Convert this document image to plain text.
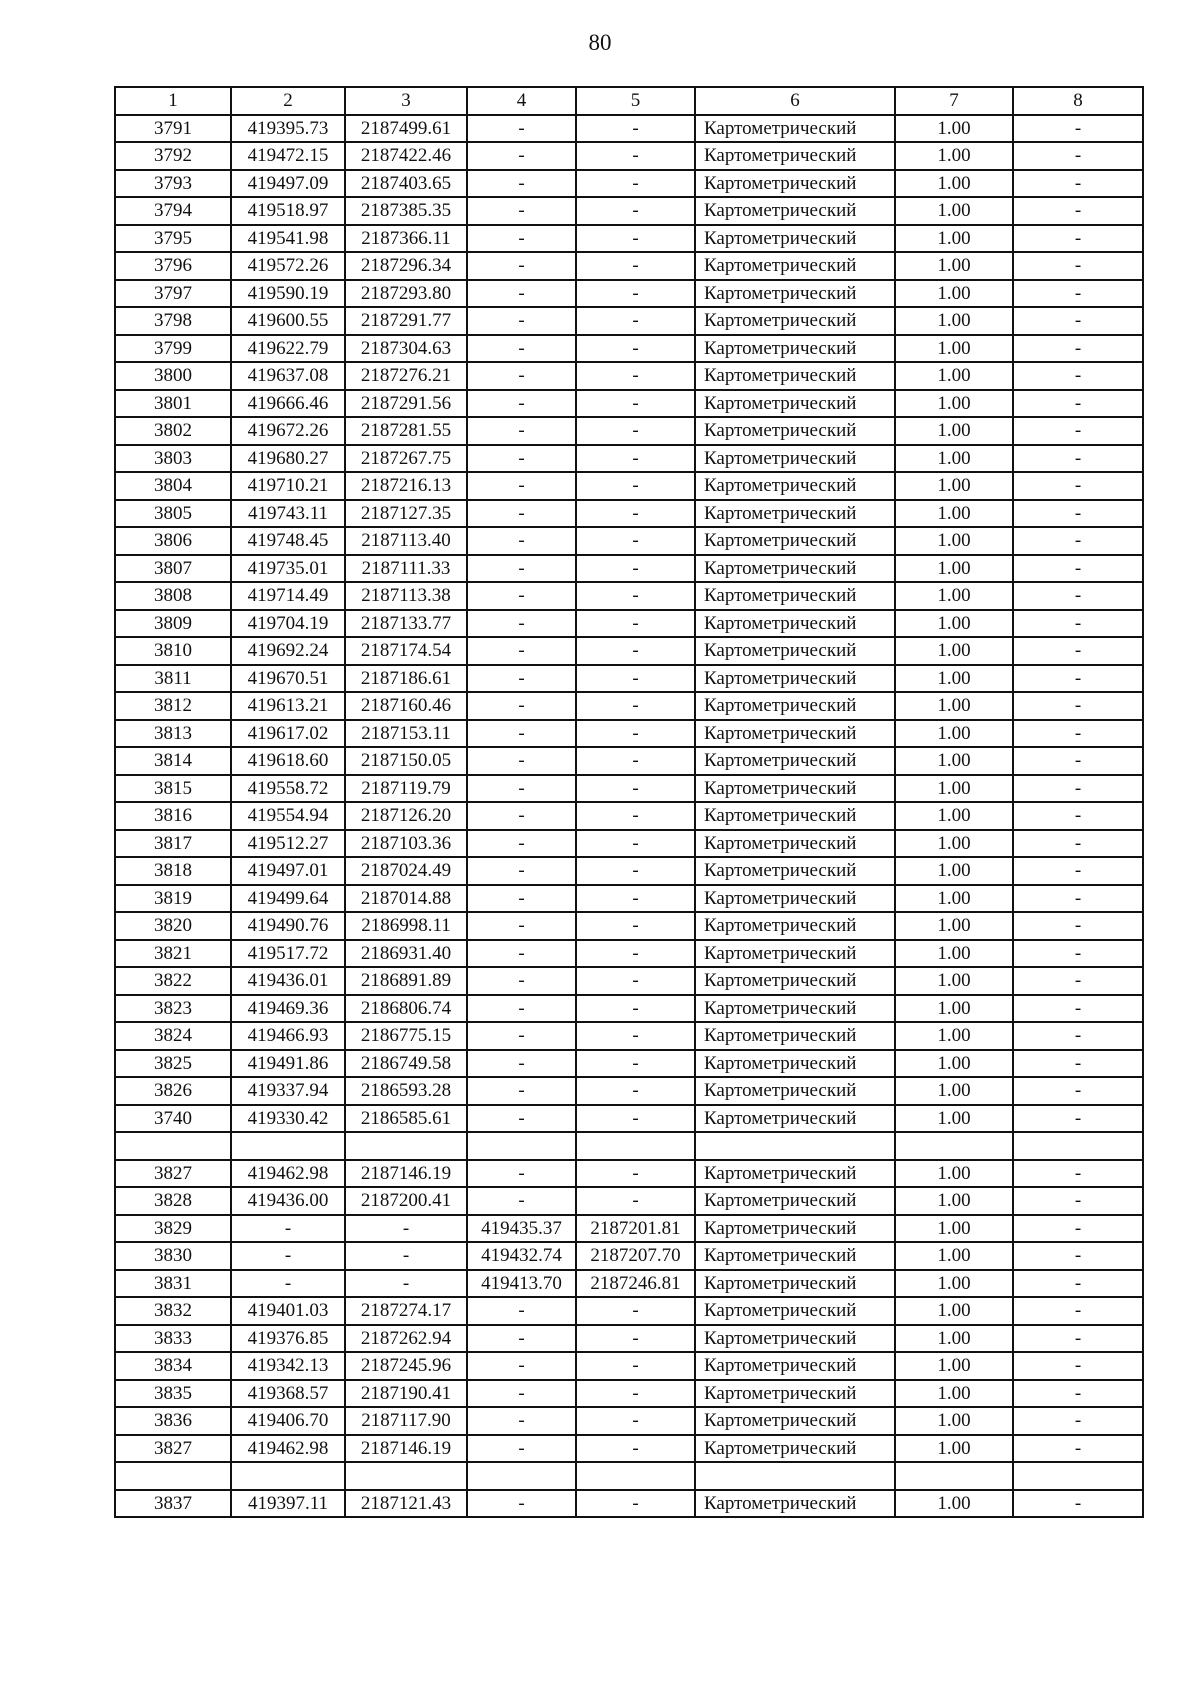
80
1	2	3	4	5	6	7	8
3791	419395.73	2187499.61	-	-	Картометрический	1.00	-
3792	419472.15	2187422.46	-	-	Картометрический	1.00	-
3793	419497.09	2187403.65	-	-	Картометрический	1.00	-
3794	419518.97	2187385.35	-	-	Картометрический	1.00	-
3795	419541.98	2187366.11	-	-	Картометрический	1.00	-
3796	419572.26	2187296.34	-	-	Картометрический	1.00	-
3797	419590.19	2187293.80	-	-	Картометрический	1.00	-
3798	419600.55	2187291.77	-	-	Картометрический	1.00	-
3799	419622.79	2187304.63	-	-	Картометрический	1.00	-
3800	419637.08	2187276.21	-	-	Картометрический	1.00	-
3801	419666.46	2187291.56	-	-	Картометрический	1.00	-
3802	419672.26	2187281.55	-	-	Картометрический	1.00	-
3803	419680.27	2187267.75	-	-	Картометрический	1.00	-
3804	419710.21	2187216.13	-	-	Картометрический	1.00	-
3805	419743.11	2187127.35	-	-	Картометрический	1.00	-
3806	419748.45	2187113.40	-	-	Картометрический	1.00	-
3807	419735.01	2187111.33	-	-	Картометрический	1.00	-
3808	419714.49	2187113.38	-	-	Картометрический	1.00	-
3809	419704.19	2187133.77	-	-	Картометрический	1.00	-
3810	419692.24	2187174.54	-	-	Картометрический	1.00	-
3811	419670.51	2187186.61	-	-	Картометрический	1.00	-
3812	419613.21	2187160.46	-	-	Картометрический	1.00	-
3813	419617.02	2187153.11	-	-	Картометрический	1.00	-
3814	419618.60	2187150.05	-	-	Картометрический	1.00	-
3815	419558.72	2187119.79	-	-	Картометрический	1.00	-
3816	419554.94	2187126.20	-	-	Картометрический	1.00	-
3817	419512.27	2187103.36	-	-	Картометрический	1.00	-
3818	419497.01	2187024.49	-	-	Картометрический	1.00	-
3819	419499.64	2187014.88	-	-	Картометрический	1.00	-
3820	419490.76	2186998.11	-	-	Картометрический	1.00	-
3821	419517.72	2186931.40	-	-	Картометрический	1.00	-
3822	419436.01	2186891.89	-	-	Картометрический	1.00	-
3823	419469.36	2186806.74	-	-	Картометрический	1.00	-
3824	419466.93	2186775.15	-	-	Картометрический	1.00	-
3825	419491.86	2186749.58	-	-	Картометрический	1.00	-
3826	419337.94	2186593.28	-	-	Картометрический	1.00	-
3740	419330.42	2186585.61	-	-	Картометрический	1.00	-

3827	419462.98	2187146.19	-	-	Картометрический	1.00	-
3828	419436.00	2187200.41	-	-	Картометрический	1.00	-
3829	-	-	419435.37	2187201.81	Картометрический	1.00	-
3830	-	-	419432.74	2187207.70	Картометрический	1.00	-
3831	-	-	419413.70	2187246.81	Картометрический	1.00	-
3832	419401.03	2187274.17	-	-	Картометрический	1.00	-
3833	419376.85	2187262.94	-	-	Картометрический	1.00	-
3834	419342.13	2187245.96	-	-	Картометрический	1.00	-
3835	419368.57	2187190.41	-	-	Картометрический	1.00	-
3836	419406.70	2187117.90	-	-	Картометрический	1.00	-
3827	419462.98	2187146.19	-	-	Картометрический	1.00	-

3837	419397.11	2187121.43	-	-	Картометрический	1.00	-
